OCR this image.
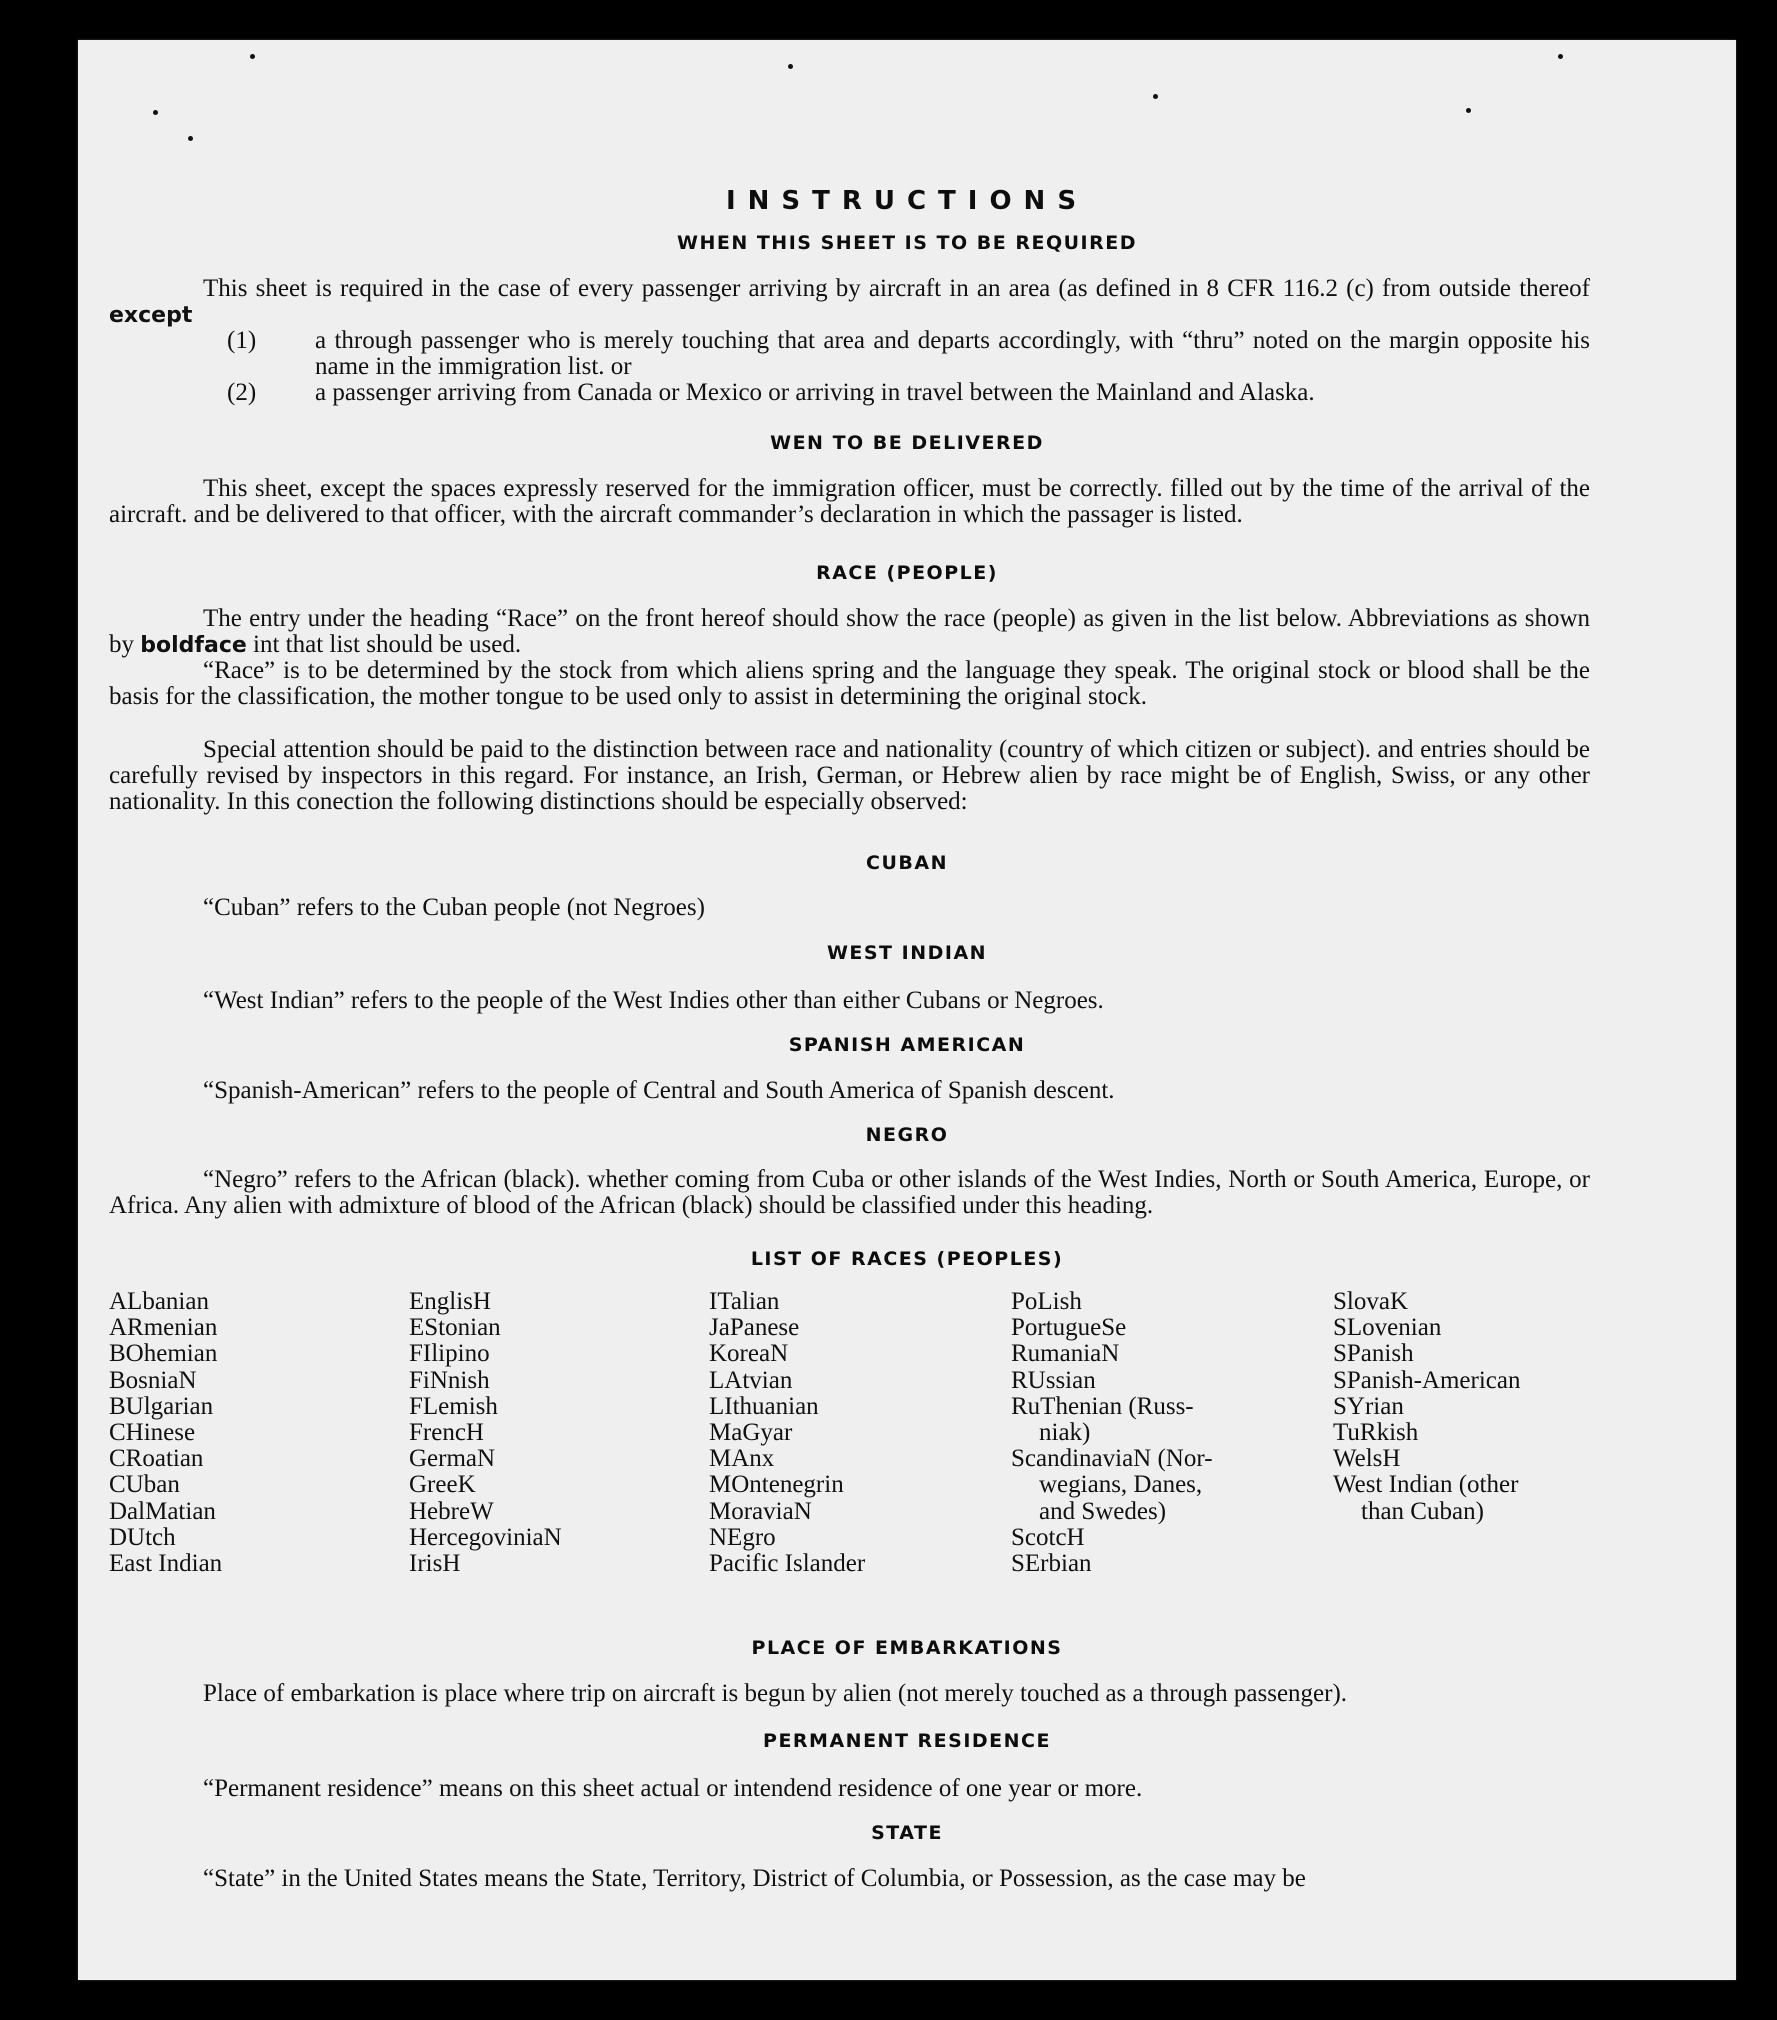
INSTRUCTIONS
WHEN THIS SHEET IS TO BE REQUIRED
This sheet is required in the case of every passenger arriving by aircraft in an area (as defined in 8 CFR 116.2 (c) from outside thereof except
(1) a through passenger who is merely touching that area and departs accordingly, with “thru” noted on the margin opposite his name in the immigration list. or
(2) a passenger arriving from Canada or Mexico or arriving in travel between the Mainland and Alaska.
WEN TO BE DELIVERED
This sheet, except the spaces expressly reserved for the immigration officer, must be correctly. filled out by the time of the arrival of the aircraft. and be delivered to that officer, with the aircraft commander’s declaration in which the passager is listed.
RACE (PEOPLE)
The entry under the heading “Race” on the front hereof should show the race (people) as given in the list below. Abbreviations as shown by boldface int that list should be used.
“Race” is to be determined by the stock from which aliens spring and the language they speak. The original stock or blood shall be the basis for the classification, the mother tongue to be used only to assist in determining the original stock.
Special attention should be paid to the distinction between race and nationality (country of which citizen or subject). and entries should be carefully revised by inspectors in this regard. For instance, an Irish, German, or Hebrew alien by race might be of English, Swiss, or any other nationality. In this conection the following distinctions should be especially observed:
CUBAN
“Cuban” refers to the Cuban people (not Negroes)
WEST INDIAN
“West Indian” refers to the people of the West Indies other than either Cubans or Negroes.
SPANISH AMERICAN
“Spanish-American” refers to the people of Central and South America of Spanish descent.
NEGRO
“Negro” refers to the African (black). whether coming from Cuba or other islands of the West Indies, North or South America, Europe, or Africa. Any alien with admixture of blood of the African (black) should be classified under this heading.
LIST OF RACES (PEOPLES)
ALbanian
ARmenian
BOhemian
BosniaN
BUlgarian
CHinese
CRoatian
CUban
DalMatian
DUtch
East Indian
EnglisH
EStonian
FIlipino
FiNnish
FLemish
FrencH
GermaN
GreeK
HebreW
HercegoviniaN
IrisH
ITalian
JaPanese
KoreaN
LAtvian
LIthuanian
MaGyar
MAnx
MOntenegrin
MoraviaN
NEgro
Pacific Islander
PoLish
PortugueSe
RumaniaN
RUssian
RuThenian (Russ-
niak)
ScandinaviaN (Nor-
wegians, Danes,
and Swedes)
ScotcH
SErbian
SlovaK
SLovenian
SPanish
SPanish-American
SYrian
TuRkish
WelsH
West Indian (other
than Cuban)
PLACE OF EMBARKATIONS
Place of embarkation is place where trip on aircraft is begun by alien (not merely touched as a through passenger).
PERMANENT RESIDENCE
“Permanent residence” means on this sheet actual or intendend residence of one year or more.
STATE
“State” in the United States means the State, Territory, District of Columbia, or Possession, as the case may be
